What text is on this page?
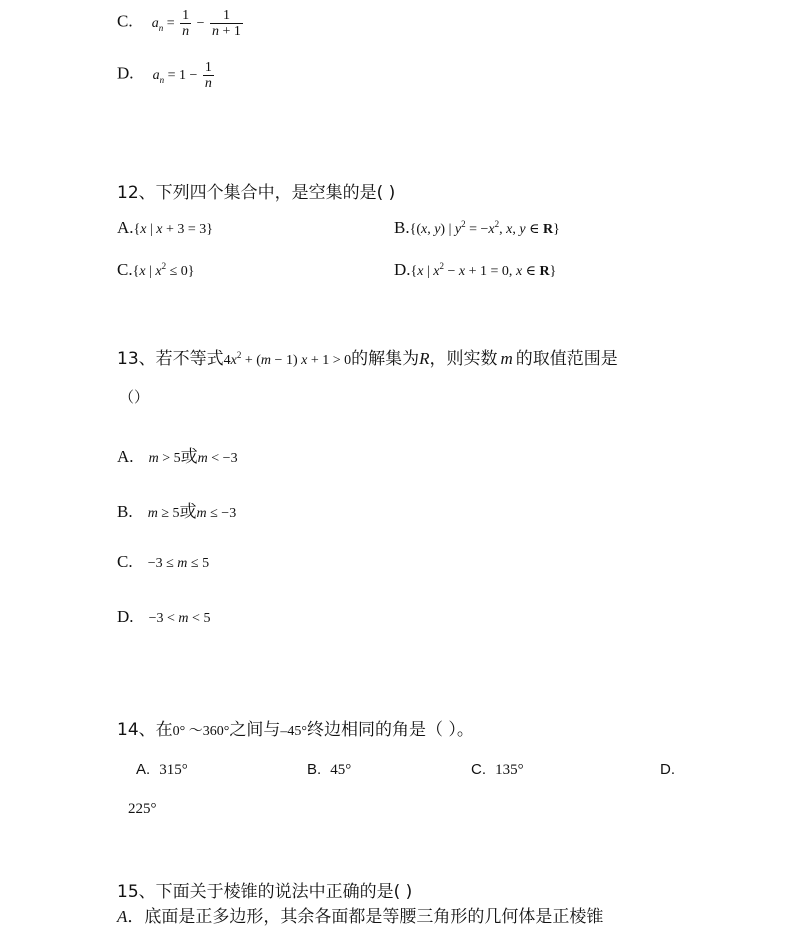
C. $a_n = \frac{1}{n} - \frac{1}{n + 1}$
D. $a_n = 1 - \frac{1}{n}$
12、下列四个集合中，是空集的是( )
A.{x | x + 3 = 3}	B.{(x, y) | $y^2 = -x^2$, x, y ∈ R}
C.{x | $x^2 \le 0$}	D.{x | $x^2 - x + 1 = 0$, x ∈ R}
13、若不等式$4x^2 + (m - 1) x + 1 > 0$的解集为R，则实数 m 的取值范围是
（）
A. m > 5或m < −3
B. m ≥ 5或m ≤ −3
C. −3 ≤ m ≤ 5
D. −3 < m < 5
14、在0° ～360°之间与–45°终边相同的角是（ ）。
A. 315°	B. 45°	C. 135°	D.
225°
15、下面关于棱锥的说法中正确的是( )
A．底面是正多边形，其余各面都是等腰三角形的几何体是正棱锥
